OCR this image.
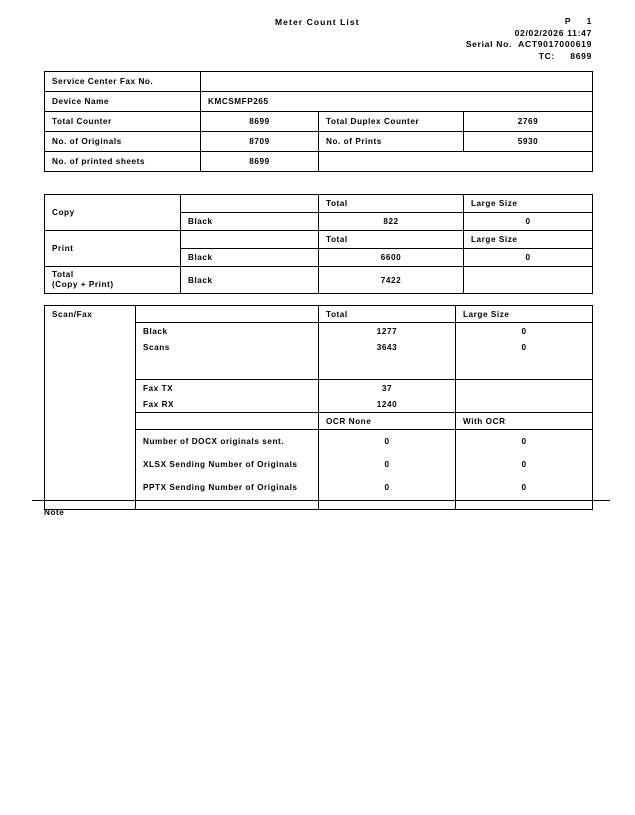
Meter Count List	P 1
02/02/2026 11:47
Serial No. ACT9017000619
TC: 8699
Service Center Fax No.			

Device Name	KMCSMFP265		

Total Counter	8699	Total Duplex Counter	2769

No. of Originals	8709	No. of Prints	5930

No. of printed sheets	8699		

Copy		Total	Large Size

	Black	822	0

Print		Total	Large Size

	Black	6600	0

Total
(Copy + Print)	Black	7422	

Scan/Fax		Total	Large Size

	Black	1277	0

	Scans	3643	0

	Fax TX	37	

	Fax RX	1240	

		OCR None	With OCR

	Number of DOCX originals sent.	0	0

	XLSX Sending Number of Originals	0	0

	PPTX Sending Number of Originals	0	0

Note
